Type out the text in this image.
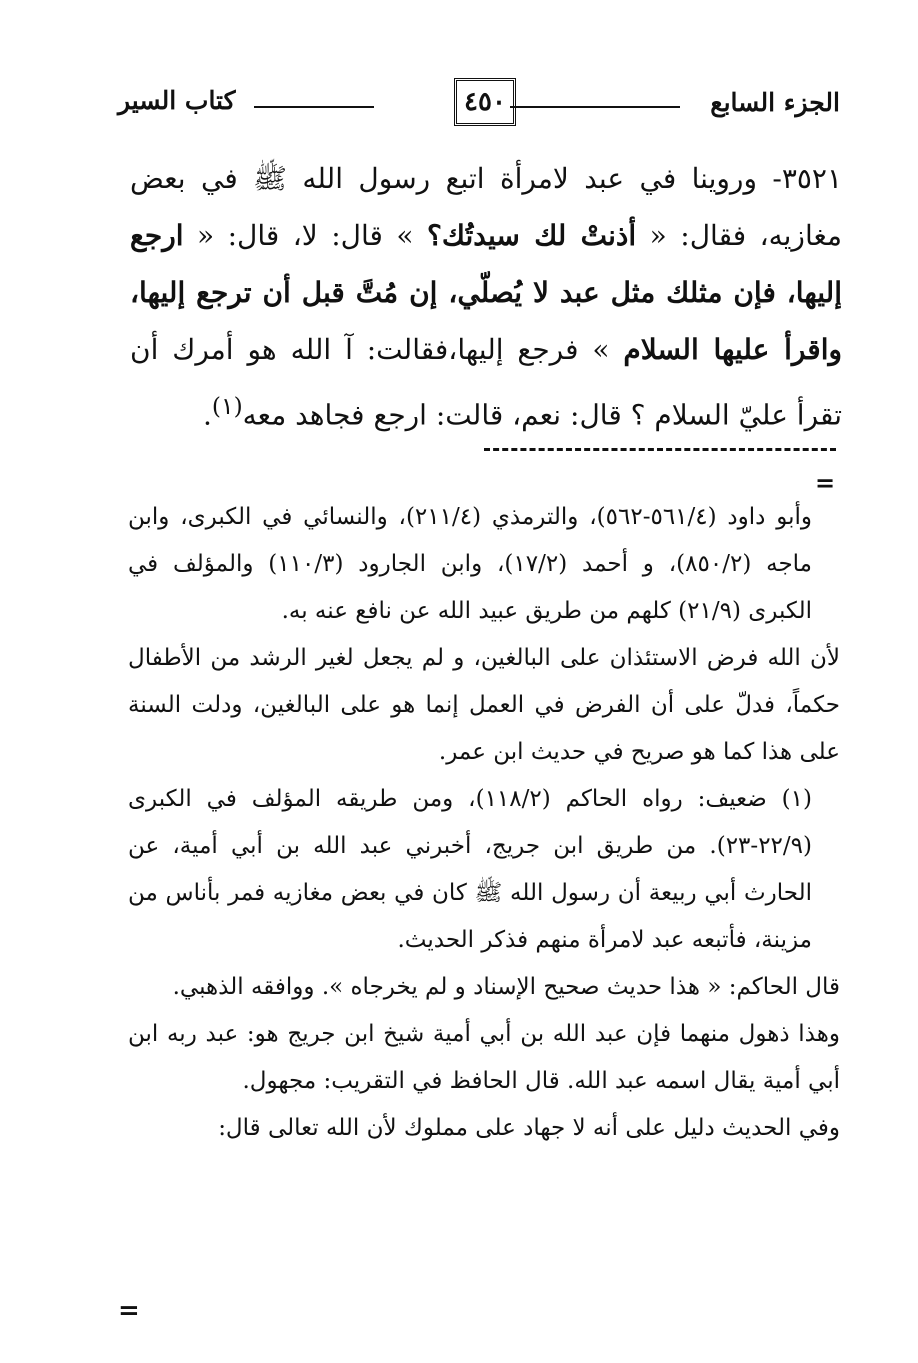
الجزء السابع
٤٥٠
كتاب السير

٣٥٢١- وروينا في عبد لامرأة اتبع رسول الله ﷺ في بعض مغازيه، فقال: « أذنتْ لك سيدتُك؟ » قال: لا، قال: « ارجع إليها، فإن مثلك مثل عبد لا يُصلّي، إن مُتَّ قبل أن ترجع إليها، واقرأ عليها السلام » فرجع إليها،فقالت: آ الله هو أمرك أن تقرأ عليّ السلام ؟ قال: نعم، قالت: ارجع فجاهد معه$^{(١)}$.

=

وأبو داود (٥٦١/٤-٥٦٢)، والترمذي (٢١١/٤)، والنسائي في الكبرى، وابن ماجه (٨٥٠/٢)، و أحمد (١٧/٢)، وابن الجارود (١١٠/٣) والمؤلف في الكبرى (٢١/٩) كلهم من طريق عبيد الله عن نافع عنه به.

لأن الله فرض الاستئذان على البالغين، و لم يجعل لغير الرشد من الأطفال حكماً، فدلّ على أن الفرض في العمل إنما هو على البالغين، ودلت السنة على هذا كما هو صريح في حديث ابن عمر.

(١) ضعيف: رواه الحاكم (١١٨/٢)، ومن طريقه المؤلف في الكبرى (٢٢/٩-٢٣). من طريق ابن جريج، أخبرني عبد الله بن أبي أمية، عن الحارث أبي ربيعة أن رسول الله ﷺ كان في بعض مغازيه فمر بأناس من مزينة، فأتبعه عبد لامرأة منهم فذكر الحديث.

قال الحاكم: « هذا حديث صحيح الإسناد و لم يخرجاه ». ووافقه الذهبي.

وهذا ذهول منهما فإن عبد الله بن أبي أمية شيخ ابن جريج هو: عبد ربه ابن أبي أمية يقال اسمه عبد الله. قال الحافظ في التقريب: مجهول.

وفي الحديث دليل على أنه لا جهاد على مملوك لأن الله تعالى قال:

=
